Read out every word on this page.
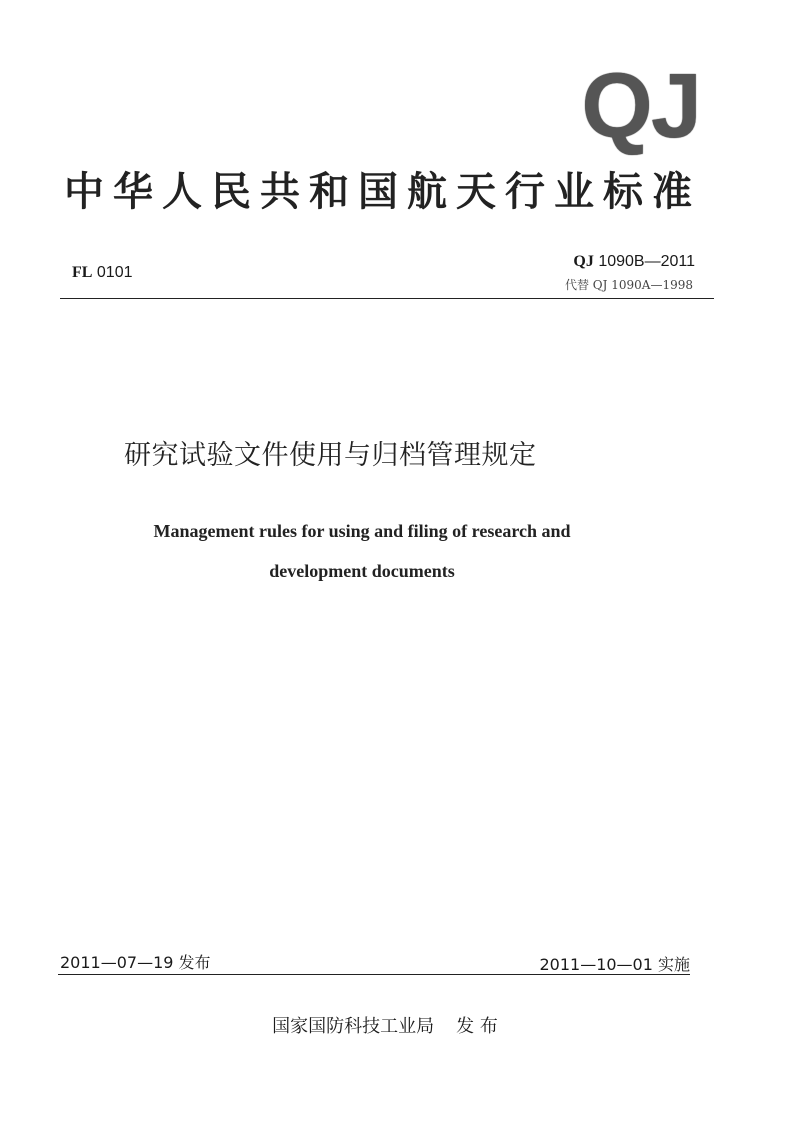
QJ
中华人民共和国航天行业标准
FL 0101
QJ 1090B—2011
代替 QJ 1090A—1998
研究试验文件使用与归档管理规定
Management rules for using and filing of research and
development documents
2011—07—19 发布	2011—10—01 实施
国家国防科技工业局 发 布
